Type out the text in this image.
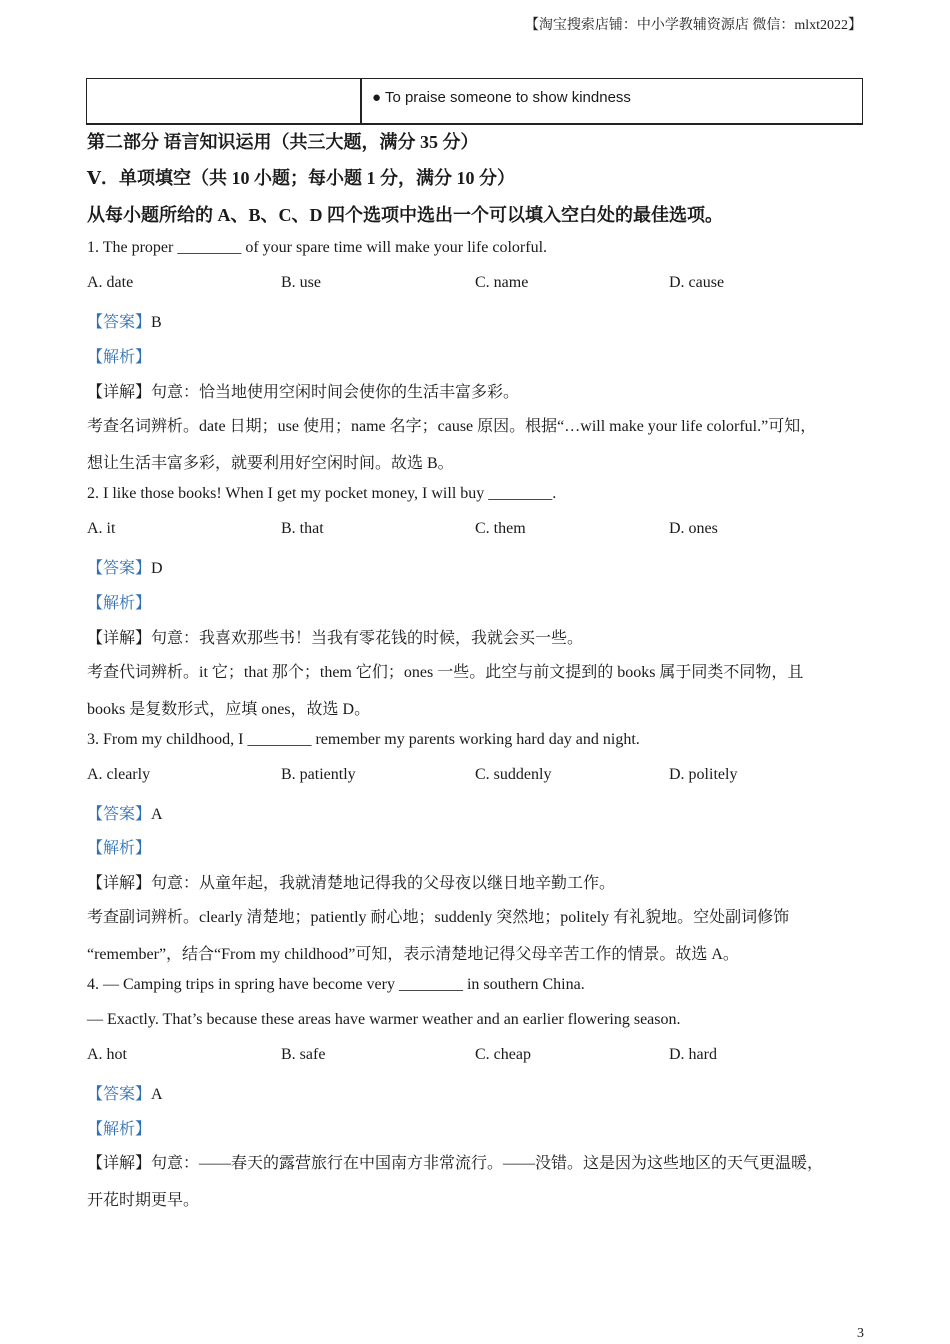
【淘宝搜索店铺：中小学教辅资源店 微信：mlxt2022】
● To praise someone to show kindness
第二部分 语言知识运用（共三大题，满分 35 分）
Ⅴ．单项填空（共 10 小题；每小题 1 分，满分 10 分）
从每小题所给的 A、B、C、D 四个选项中选出一个可以填入空白处的最佳选项。
1. The proper ________ of your spare time will make your life colorful.
A. date	B. use	C. name	D. cause
【答案】B
【解析】
【详解】句意：恰当地使用空闲时间会使你的生活丰富多彩。
考查名词辨析。date 日期；use 使用；name 名字；cause 原因。根据“…will make your life colorful.”可知，
想让生活丰富多彩，就要利用好空闲时间。故选 B。
2. I like those books! When I get my pocket money, I will buy ________.
A. it	B. that	C. them	D. ones
【答案】D
【解析】
【详解】句意：我喜欢那些书！当我有零花钱的时候，我就会买一些。
考查代词辨析。it 它；that 那个；them 它们；ones 一些。此空与前文提到的 books 属于同类不同物，且
books 是复数形式，应填 ones，故选 D。
3. From my childhood, I ________ remember my parents working hard day and night.
A. clearly	B. patiently	C. suddenly	D. politely
【答案】A
【解析】
【详解】句意：从童年起，我就清楚地记得我的父母夜以继日地辛勤工作。
考查副词辨析。clearly 清楚地；patiently 耐心地；suddenly 突然地；politely 有礼貌地。空处副词修饰
“remember”，结合“From my childhood”可知，表示清楚地记得父母辛苦工作的情景。故选 A。
4. — Camping trips in spring have become very ________ in southern China.
— Exactly. That’s because these areas have warmer weather and an earlier flowering season.
A. hot	B. safe	C. cheap	D. hard
【答案】A
【解析】
【详解】句意：——春天的露营旅行在中国南方非常流行。——没错。这是因为这些地区的天气更温暖，
开花时期更早。
3
